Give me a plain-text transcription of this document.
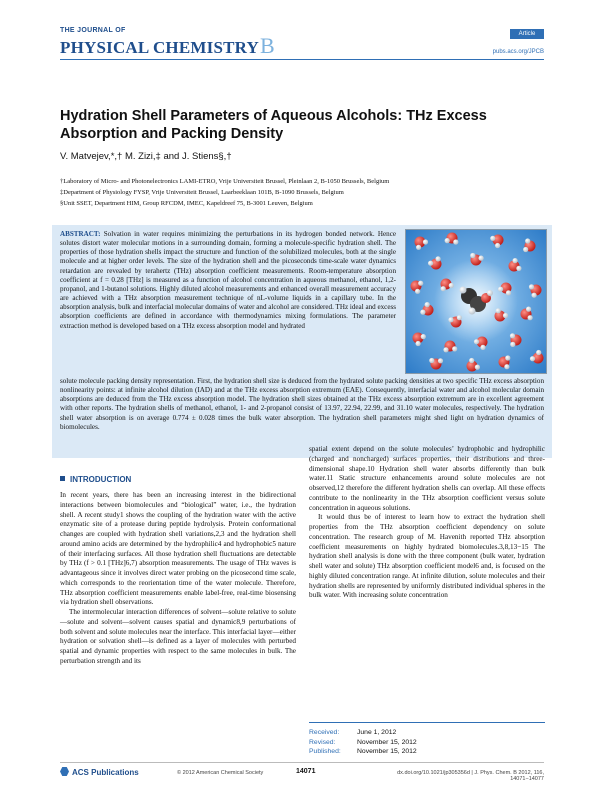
THE JOURNAL OF
PHYSICAL CHEMISTRYB	Article
pubs.acs.org/JPCB
Hydration Shell Parameters of Aqueous Alcohols: THz Excess Absorption and Packing Density
V. Matvejev,*,† M. Zizi,‡ and J. Stiens§,†
†Laboratory of Micro- and Photonelectronics LAMI-ETRO, Vrije Universiteit Brussel, Pleinlaan 2, B-1050 Brussels, Belgium
‡Department of Physiology FYSP, Vrije Universiteit Brussel, Laarbeeklaan 101B, B-1090 Brussels, Belgium
§Unit SSET, Department HIM, Group RFCDM, IMEC, Kapeldreef 75, B-3001 Leuven, Belgium
ABSTRACT: Solvation in water requires minimizing the perturbations in its hydrogen bonded network. Hence solutes distort water molecular motions in a surrounding domain, forming a molecule-specific hydration shell. The properties of those hydration shells impact the structure and function of the solubilized molecules, both at the single molecule and at higher order levels. The size of the hydration shell and the picoseconds time-scale water dynamics retardation are revealed by terahertz (THz) absorption coefficient measurements. Room-temperature absorption coefficient at f = 0.28 [THz] is measured as a function of alcohol concentration in aqueous methanol, ethanol, 1,2-propanol, and 1-butanol solutions. Highly diluted alcohol measurements and enhanced overall measurement accuracy are achieved with a THz absorption measurement technique of nL-volume liquids in a capillary tube. In the absorption analysis, bulk and interfacial molecular domains of water and alcohol are considered. THz ideal and excess absorption coefficients are defined in accordance with thermodynamics mixing formulations. The parameter extraction method is developed based on a THz excess absorption model and hydrated
solute molecule packing density representation. First, the hydration shell size is deduced from the hydrated solute packing densities at two specific THz excess absorption nonlinearity points: at infinite alcohol dilution (IAD) and at the THz excess absorption extremum (EAE). Consequently, interfacial water and alcohol molecular domain absorptions are deduced from the THz excess absorption model. The hydration shell sizes obtained at the THz excess absorption extremum are in excellent agreement with other reports. The hydration shells of methanol, ethanol, 1- and 2-propanol consist of 13.97, 22.94, 22.99, and 31.10 water molecules, respectively. The hydration shell water absorption is on average 0.774 ± 0.028 times the bulk water absorption. The hydration shell parameters might shed light on hydration dynamics of biomolecules.
INTRODUCTION

In recent years, there has been an increasing interest in the bidirectional interactions between biomolecules and “biological” water, i.e., the hydration shell. A recent study1 shows the coupling of the hydration water with the active enzymatic site of a protease during peptide hydrolysis. Protein conformational changes are coupled with hydration shell variations,2,3 and the hydration shell around amino acids are determined by the hydrophilic4 and hydrophobic5 nature of their interfacing surfaces. All those hydration shell fluctuations are detectable by THz (f > 0.1 [THz]6,7) absorption measurements. The usage of THz waves is advantageous since it involves direct water probing on the picosecond time scale, which corresponds to the reorientation time of the water molecule. Therefore, THz absorption coefficient measurements enable label-free, real-time biosensing via hydration shell observations.

The intermolecular interaction differences of solvent—solute relative to solute—solute and solvent—solvent causes spatial and dynamic8,9 perturbations of both solvent and solute molecules near the interface. This interfacial layer—either hydration or solvation shell—is defined as a layer of molecules with perturbed spatial and dynamic properties with respect to the same molecules in bulk. The perturbation strength and its

spatial extent depend on the solute molecules’ hydrophobic and hydrophilic (charged and noncharged) surfaces properties, their distributions and three-dimensional shape.10 Hydration shell water absorbs differently than bulk water.11 Static structure enhancements around solute molecules are not observed,12 therefore the different hydration shells can overlap. All these effects contribute to the nonlinearity in the THz absorption coefficient versus solute concentration in aqueous solutions.

It would thus be of interest to learn how to extract the hydration shell properties from the THz absorption coefficient dependency on solute concentration. The research group of M. Havenith reported THz absorption coefficient measurements on highly hydrated biomolecules.3,8,13−15 The hydration shell analysis is done with the three component (bulk water, hydration shell water and solute) THz absorption coefficient model6 and, is focused on the highly diluted concentration range. At infinite dilution, solute molecules and their hydration shells are represented by uniformly distributed individual spheres in the bulk water. With increasing solute concentration

Received:	June 1, 2012
Revised:	November 15, 2012
Published: November 15, 2012
ACS Publications	© 2012 American Chemical Society	14071	dx.doi.org/10.1021/jp305356d | J. Phys. Chem. B 2012, 116, 14071−14077
